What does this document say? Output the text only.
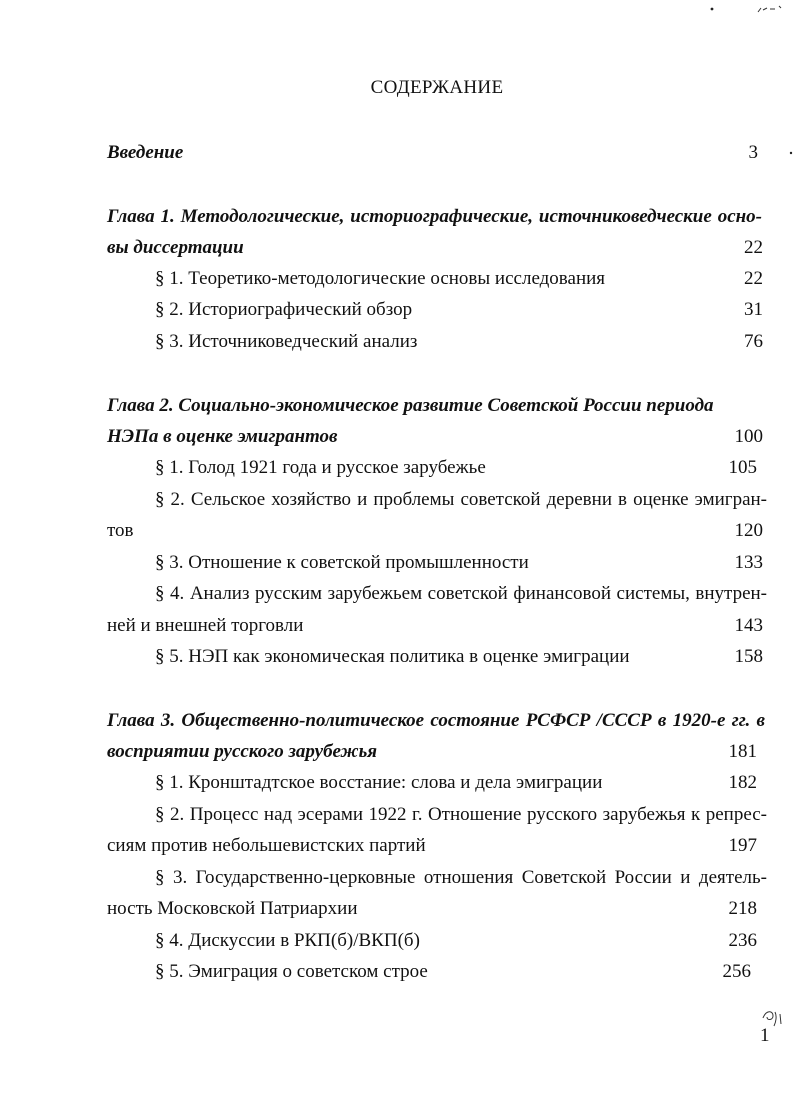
СОДЕРЖАНИЕ
Введение	3
Глава 1. Методологические, историографические, источниковедческие осно-
вы диссертации	22
§ 1. Теоретико-методологические основы исследования	22
§ 2. Историографический обзор	31
§ 3. Источниковедческий анализ	76
Глава 2. Социально-экономическое развитие Советской России периода
НЭПа в оценке эмигрантов	100
§ 1. Голод 1921 года и русское зарубежье	105
§ 2. Сельское хозяйство и проблемы советской деревни в оценке эмигран-
тов	120
§ 3. Отношение к советской промышленности	133
§ 4. Анализ русским зарубежьем советской финансовой системы, внутрен-
ней и внешней торговли	143
§ 5. НЭП как экономическая политика в оценке эмиграции	158
Глава 3. Общественно-политическое состояние РСФСР /СССР в 1920-е гг. в
восприятии русского зарубежья	181
§ 1. Кронштадтское восстание: слова и дела эмиграции	182
§ 2. Процесс над эсерами 1922 г. Отношение русского зарубежья к репрес-
сиям против небольшевистских партий	197
§ 3. Государственно-церковные отношения Советской России и деятель-
ность Московской Патриархии	218
§ 4. Дискуссии в РКП(б)/ВКП(б)	236
§ 5. Эмиграция о советском строе	256
1
